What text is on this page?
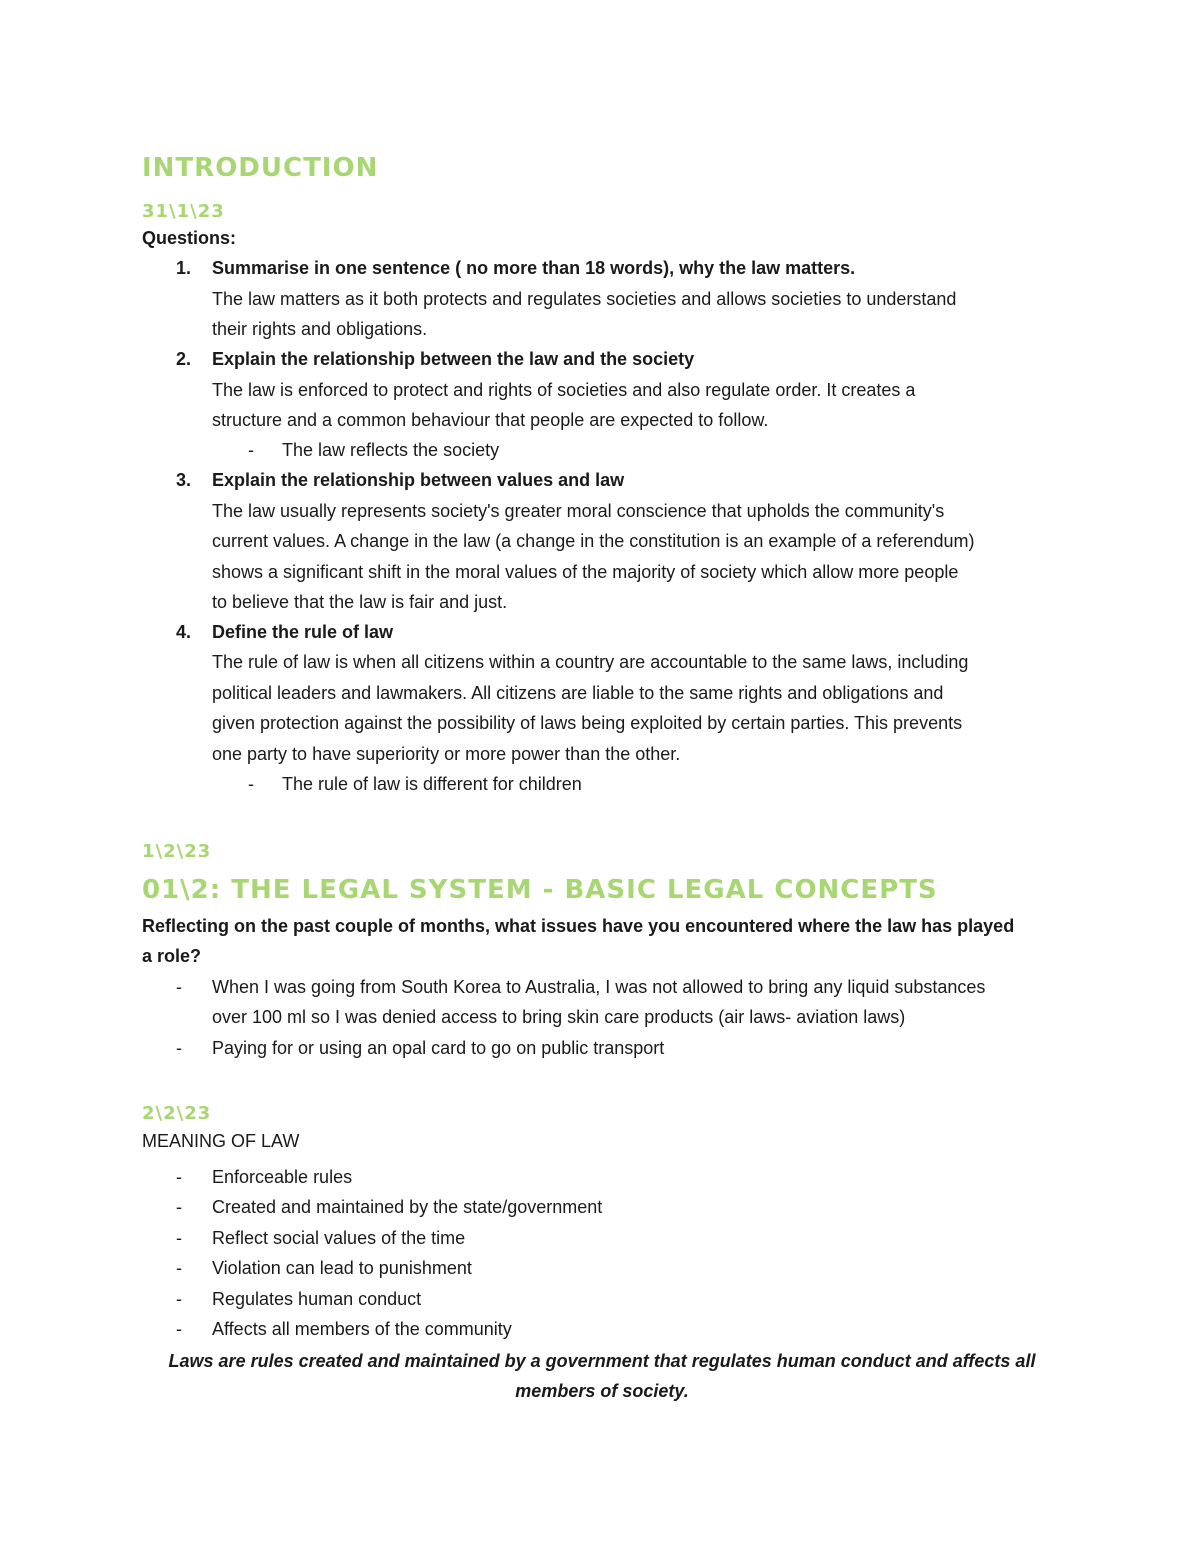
INTRODUCTION
31\1\23
Questions:
1. Summarise in one sentence ( no more than 18 words), why the law matters.
The law matters as it both protects and regulates societies and allows societies to understand
their rights and obligations.
2. Explain the relationship between the law and the society
The law is enforced to protect and rights of societies and also regulate order. It creates a
structure and a common behaviour that people are expected to follow.
- The law reflects the society
3. Explain the relationship between values and law
The law usually represents society's greater moral conscience that upholds the community's
current values. A change in the law (a change in the constitution is an example of a referendum)
shows a significant shift in the moral values of the majority of society which allow more people
to believe that the law is fair and just.
4. Define the rule of law
The rule of law is when all citizens within a country are accountable to the same laws, including
political leaders and lawmakers. All citizens are liable to the same rights and obligations and
given protection against the possibility of laws being exploited by certain parties. This prevents
one party to have superiority or more power than the other.
- The rule of law is different for children
1\2\23
01\2: THE LEGAL SYSTEM - BASIC LEGAL CONCEPTS
Reflecting on the past couple of months, what issues have you encountered where the law has played
a role?
- When I was going from South Korea to Australia, I was not allowed to bring any liquid substances
over 100 ml so I was denied access to bring skin care products (air laws- aviation laws)
- Paying for or using an opal card to go on public transport
2\2\23
MEANING OF LAW
- Enforceable rules
- Created and maintained by the state/government
- Reflect social values of the time
- Violation can lead to punishment
- Regulates human conduct
- Affects all members of the community
Laws are rules created and maintained by a government that regulates human conduct and affects all members of society.
